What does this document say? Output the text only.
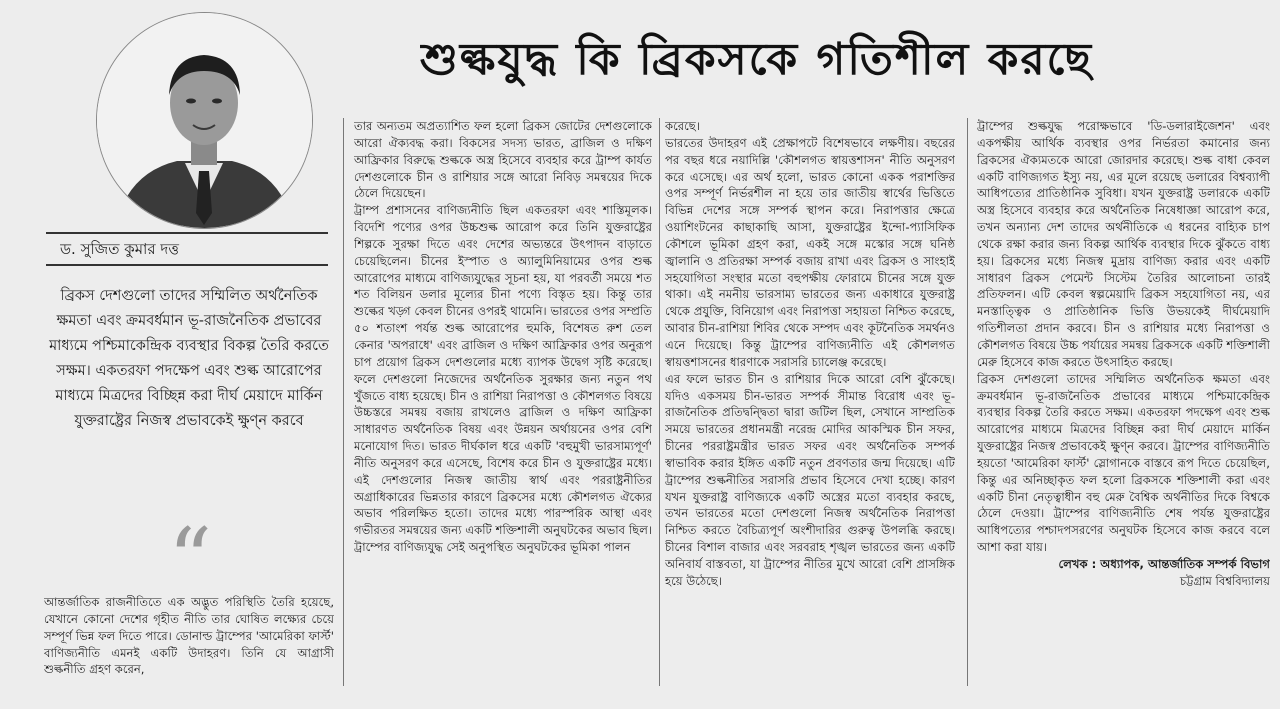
শুল্কযুদ্ধ কি ব্রিকসকে গতিশীল করছে
ড. সুজিত কুমার দত্ত
ব্রিকস দেশগুলো তাদের সম্মিলিত অর্থনৈতিক ক্ষমতা এবং ক্রমবর্ধমান ভূ-রাজনৈতিক প্রভাবের মাধ্যমে পশ্চিমাকেন্দ্রিক ব্যবস্থার বিকল্প তৈরি করতে সক্ষম। একতরফা পদক্ষেপ এবং শুল্ক আরোপের মাধ্যমে মিত্রদের বিচ্ছিন্ন করা দীর্ঘ মেয়াদে মার্কিন যুক্তরাষ্ট্রের নিজস্ব প্রভাবকেই ক্ষুণ্ন করবে
“
আন্তর্জাতিক রাজনীতিতে এক অদ্ভুত পরিস্থিতি তৈরি হয়েছে, যেখানে কোনো দেশের গৃহীত নীতি তার ঘোষিত লক্ষ্যের চেয়ে সম্পূর্ণ ভিন্ন ফল দিতে পারে। ডোনাল্ড ট্রাম্পের 'আমেরিকা ফার্স্ট' বাণিজ্যনীতি এমনই একটি উদাহরণ। তিনি যে আগ্রাসী শুল্কনীতি গ্রহণ করেন,

তার অন্যতম অপ্রত্যাশিত ফল হলো ব্রিকস জোটের দেশগুলোকে আরো ঐক্যবদ্ধ করা। বিকসের সদস্য ভারত, ব্রাজিল ও দক্ষিণ আফ্রিকার বিরুদ্ধে শুল্ককে অস্ত্র হিসেবে ব্যবহার করে ট্রাম্প কার্যত দেশগুলোকে চীন ও রাশিয়ার সঙ্গে আরো নিবিড় সমন্বয়ের দিকে ঠেলে দিয়েছেন।

ট্রাম্প প্রশাসনের বাণিজ্যনীতি ছিল একতরফা এবং শাস্তিমূলক। বিদেশি পণ্যের ওপর উচ্চশুল্ক আরোপ করে তিনি যুক্তরাষ্ট্রের শিল্পকে সুরক্ষা দিতে এবং দেশের অভ্যন্তরে উৎপাদন বাড়াতে চেয়েছিলেন। চীনের ইস্পাত ও অ্যালুমিনিয়ামের ওপর শুল্ক আরোপের মাধ্যমে বাণিজ্যযুদ্ধের সূচনা হয়, যা পরবর্তী সময়ে শত শত বিলিয়ন ডলার মূল্যের চীনা পণ্যে বিস্তৃত হয়। কিন্তু তার শুল্কের খড়্গ কেবল চীনের ওপরই থামেনি। ভারতের ওপর সম্প্রতি ৫০ শতাংশ পর্যন্ত শুল্ক আরোপের হুমকি, বিশেষত রুশ তেল কেনার 'অপরাধে' এবং ব্রাজিল ও দক্ষিণ আফ্রিকার ওপর অনুরূপ চাপ প্রয়োগ ব্রিকস দেশগুলোর মধ্যে ব্যাপক উদ্বেগ সৃষ্টি করেছে। ফলে দেশগুলো নিজেদের অর্থনৈতিক সুরক্ষার জন্য নতুন পথ খুঁজতে বাধ্য হয়েছে। চীন ও রাশিয়া নিরাপত্তা ও কৌশলগত বিষয়ে উচ্চস্তরে সমন্বয় বজায় রাখলেও ব্রাজিল ও দক্ষিণ আফ্রিকা সাধারণত অর্থনৈতিক বিষয় এবং উন্নয়ন অর্থায়নের ওপর বেশি মনোযোগ দিত। ভারত দীর্ঘকাল ধরে একটি 'বহুমুখী ভারসাম্যপূর্ণ' নীতি অনুসরণ করে এসেছে, বিশেষ করে চীন ও যুক্তরাষ্ট্রের মধ্যে। এই দেশগুলোর নিজস্ব জাতীয় স্বার্থ এবং পররাষ্ট্রনীতির অগ্রাধিকারের ভিন্নতার কারণে ব্রিকসের মধ্যে কৌশলগত ঐক্যের অভাব পরিলক্ষিত হতো। তাদের মধ্যে পারস্পরিক আস্থা এবং গভীরতর সমন্বয়ের জন্য একটি শক্তিশালী অনুঘটকের অভাব ছিল। ট্রাম্পের বাণিজ্যযুদ্ধ সেই অনুপস্থিত অনুঘটকের ভূমিকা পালন

করেছে।

ভারতের উদাহরণ এই প্রেক্ষাপটে বিশেষভাবে লক্ষণীয়। বছরের পর বছর ধরে নয়াদিল্লি 'কৌশলগত স্বায়ত্তশাসন' নীতি অনুসরণ করে এসেছে। এর অর্থ হলো, ভারত কোনো একক পরাশক্তির ওপর সম্পূর্ণ নির্ভরশীল না হয়ে তার জাতীয় স্বার্থের ভিত্তিতে বিভিন্ন দেশের সঙ্গে সম্পর্ক স্থাপন করে। নিরাপত্তার ক্ষেত্রে ওয়াশিংটনের কাছাকাছি আসা, যুক্তরাষ্ট্রের ইন্দো-প্যাসিফিক কৌশলে ভূমিকা গ্রহণ করা, একই সঙ্গে মস্কোর সঙ্গে ঘনিষ্ঠ জ্বালানি ও প্রতিরক্ষা সম্পর্ক বজায় রাখা এবং ব্রিকস ও সাংহাই সহযোগিতা সংস্থার মতো বহুপক্ষীয় ফোরামে চীনের সঙ্গে যুক্ত থাকা। এই নমনীয় ভারসাম্য ভারতের জন্য একাধারে যুক্তরাষ্ট্র থেকে প্রযুক্তি, বিনিয়োগ এবং নিরাপত্তা সহায়তা নিশ্চিত করেছে, আবার চীন-রাশিয়া শিবির থেকে সম্পদ এবং কূটনৈতিক সমর্থনও এনে দিয়েছে। কিন্তু ট্রাম্পের বাণিজ্যনীতি এই কৌশলগত স্বায়ত্তশাসনের ধারণাকে সরাসরি চ্যালেঞ্জ করেছে।

এর ফলে ভারত চীন ও রাশিয়ার দিকে আরো বেশি ঝুঁকেছে। যদিও একসময় চীন-ভারত সম্পর্ক সীমান্ত বিরোধ এবং ভূ-রাজনৈতিক প্রতিদ্বন্দ্বিতা দ্বারা জটিল ছিল, সেখানে সাম্প্রতিক সময়ে ভারতের প্রধানমন্ত্রী নরেন্দ্র মোদির আকস্মিক চীন সফর, চীনের পররাষ্ট্রমন্ত্রীর ভারত সফর এবং অর্থনৈতিক সম্পর্ক স্বাভাবিক করার ইঙ্গিত একটি নতুন প্রবণতার জন্ম দিয়েছে। এটি ট্রাম্পের শুল্কনীতির সরাসরি প্রভাব হিসেবে দেখা হচ্ছে। কারণ যখন যুক্তরাষ্ট্র বাণিজ্যকে একটি অস্ত্রের মতো ব্যবহার করছে, তখন ভারতের মতো দেশগুলো নিজস্ব অর্থনৈতিক নিরাপত্তা নিশ্চিত করতে বৈচিত্র্যপূর্ণ অংশীদারির গুরুত্ব উপলব্ধি করছে। চীনের বিশাল বাজার এবং সরবরাহ শৃঙ্খল ভারতের জন্য একটি অনিবার্য বাস্তবতা, যা ট্রাম্পের নীতির মুখে আরো বেশি প্রাসঙ্গিক হয়ে উঠেছে।

ট্রাম্পের শুল্কযুদ্ধ পরোক্ষভাবে 'ডি-ডলারাইজেশন' এবং একপক্ষীয় আর্থিক ব্যবস্থার ওপর নির্ভরতা কমানোর জন্য ব্রিকসের ঐক্যমতকে আরো জোরদার করেছে। শুল্ক বাধা কেবল একটি বাণিজ্যগত ইস্যু নয়, এর মূলে রয়েছে ডলারের বিশ্বব্যাপী আধিপত্যের প্রাতিষ্ঠানিক সুবিধা। যখন যুক্তরাষ্ট্র ডলারকে একটি অস্ত্র হিসেবে ব্যবহার করে অর্থনৈতিক নিষেধাজ্ঞা আরোপ করে, তখন অন্যান্য দেশ তাদের অর্থনীতিকে এ ধরনের বাহ্যিক চাপ থেকে রক্ষা করার জন্য বিকল্প আর্থিক ব্যবস্থার দিকে ঝুঁকতে বাধ্য হয়। ব্রিকসের মধ্যে নিজস্ব মুদ্রায় বাণিজ্য করার এবং একটি সাধারণ ব্রিকস পেমেন্ট সিস্টেম তৈরির আলোচনা তারই প্রতিফলন। এটি কেবল স্বল্পমেয়াদি ব্রিকস সহযোগিতা নয়, এর মনস্তাত্ত্বিক ও প্রাতিষ্ঠানিক ভিত্তি উভয়কেই দীর্ঘমেয়াদি গতিশীলতা প্রদান করবে। চীন ও রাশিয়ার মধ্যে নিরাপত্তা ও কৌশলগত বিষয়ে উচ্চ পর্যায়ের সমন্বয় ব্রিকসকে একটি শক্তিশালী মেরু হিসেবে কাজ করতে উৎসাহিত করছে।

ব্রিকস দেশগুলো তাদের সম্মিলিত অর্থনৈতিক ক্ষমতা এবং ক্রমবর্ধমান ভূ-রাজনৈতিক প্রভাবের মাধ্যমে পশ্চিমাকেন্দ্রিক ব্যবস্থার বিকল্প তৈরি করতে সক্ষম। একতরফা পদক্ষেপ এবং শুল্ক আরোপের মাধ্যমে মিত্রদের বিচ্ছিন্ন করা দীর্ঘ মেয়াদে মার্কিন যুক্তরাষ্ট্রের নিজস্ব প্রভাবকেই ক্ষুণ্ন করবে। ট্রাম্পের বাণিজ্যনীতি হয়তো 'আমেরিকা ফার্স্ট' স্লোগানকে বাস্তবে রূপ দিতে চেয়েছিল, কিন্তু এর অনিচ্ছাকৃত ফল হলো ব্রিকসকে শক্তিশালী করা এবং একটি চীনা নেতৃত্বাধীন বহু মেরু বৈশ্বিক অর্থনীতির দিকে বিশ্বকে ঠেলে দেওয়া। ট্রাম্পের বাণিজ্যনীতি শেষ পর্যন্ত যুক্তরাষ্ট্রের আধিপত্যের পশ্চাদপসরণের অনুঘটক হিসেবে কাজ করবে বলে আশা করা যায়।

লেখক : অধ্যাপক, আন্তর্জাতিক সম্পর্ক বিভাগ

চট্টগ্রাম বিশ্ববিদ্যালয়
